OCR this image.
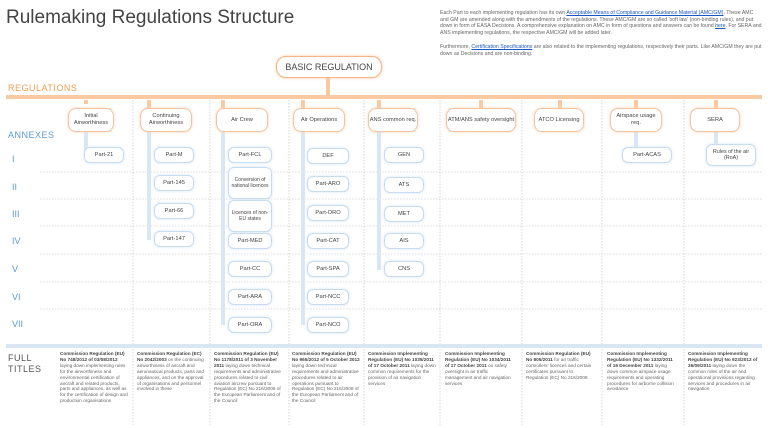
Rulemaking Regulations Structure	Each Part to each implementing regulation has its own Acceptable Means of Compliance and Guidance Material (AMC/GM). These AMC and GM are amended along with the amendments of the regulations. These AMC/GM are so called 'soft law' (non-binding rules), and put down in form of EASA Decisions. A comprehensive explanation on AMC in form of questions and answers can be found here. For SERA and ANS implementing regulations, the respective AMC/GM will be added later.
Furthermore, Certification Specifications are also related to the implementing regulations, respectively their parts. Like AMC/GM they are put down as Decisions and are non-binding.
BASIC REGULATION
REGULATIONS
ANNEXES
FULL TITLES
I
II
III
IV
V
VI
VII
Initial Airworthiness
Part-21
Continuing Airworthiness
Part-M
Part-145
Part-66
Part-147
Air Crew
Part-FCL
Conversion of national licences
Licences of non-EU states
Part-MED
Part-CC
Part-ARA
Part-ORA
Air Operations
DEF
Part-ARO
Part-ORO
Part-CAT
Part-SPA
Part-NCC
Part-NCO
ANS common req.
GEN
ATS
MET
AIS
CNS
ATM/ANS safety oversight	ATCO Licensing
Airspace usage req.
Part-ACAS
SERA
Rules of the air (RoA)
Commission Regulation (EU) No 748/2012 of 03/08/2012 laying down implementing rules for the airworthiness and environmental certification of aircraft and related products, parts and appliances, as well as for the certification of design and production organisations
Commission Regulation (EC) No 2042/2003 on the continuing airworthiness of aircraft and aeronautical products, parts and appliances, and on the approval of organisations and personnel involved in these
Commission Regulation (EU) No 1178/2011 of 3 November 2011 laying down technical requirements and administrative procedures related to civil aviation aircrew pursuant to Regulation (EC) No 216/2008 of the European Parliament and of the Council
Commission Regulation (EU) No 965/2012 of 5 October 2012 laying down technical requirements and administrative procedures related to air operations pursuant to Regulation (EC) No 216/2008 of the European Parliament and of the Council
Commission Implementing Regulation (EU) No 1035/2011 of 17 October 2011 laying down common requirements for the provision of air navigation services
Commission Implementing Regulation (EU) No 1034/2011 of 17 October 2011 on safety oversight in air traffic management and air navigation services
Commission Regulation (EU) No 805/2011 for air traffic controllers' licences and certain certificates pursuant to Regulation (EC) No 216/2008
Commission Implementing Regulation (EU) No 1332/2011 of 16 December 2011 laying down common airspace usage requirements and operating procedures for airborne collision avoidance
Commission Implementing Regulation (EU) No 923/2012 of 26/09/2011 laying down the common rules of the air and operational provisions regarding services and procedures in air navigation
